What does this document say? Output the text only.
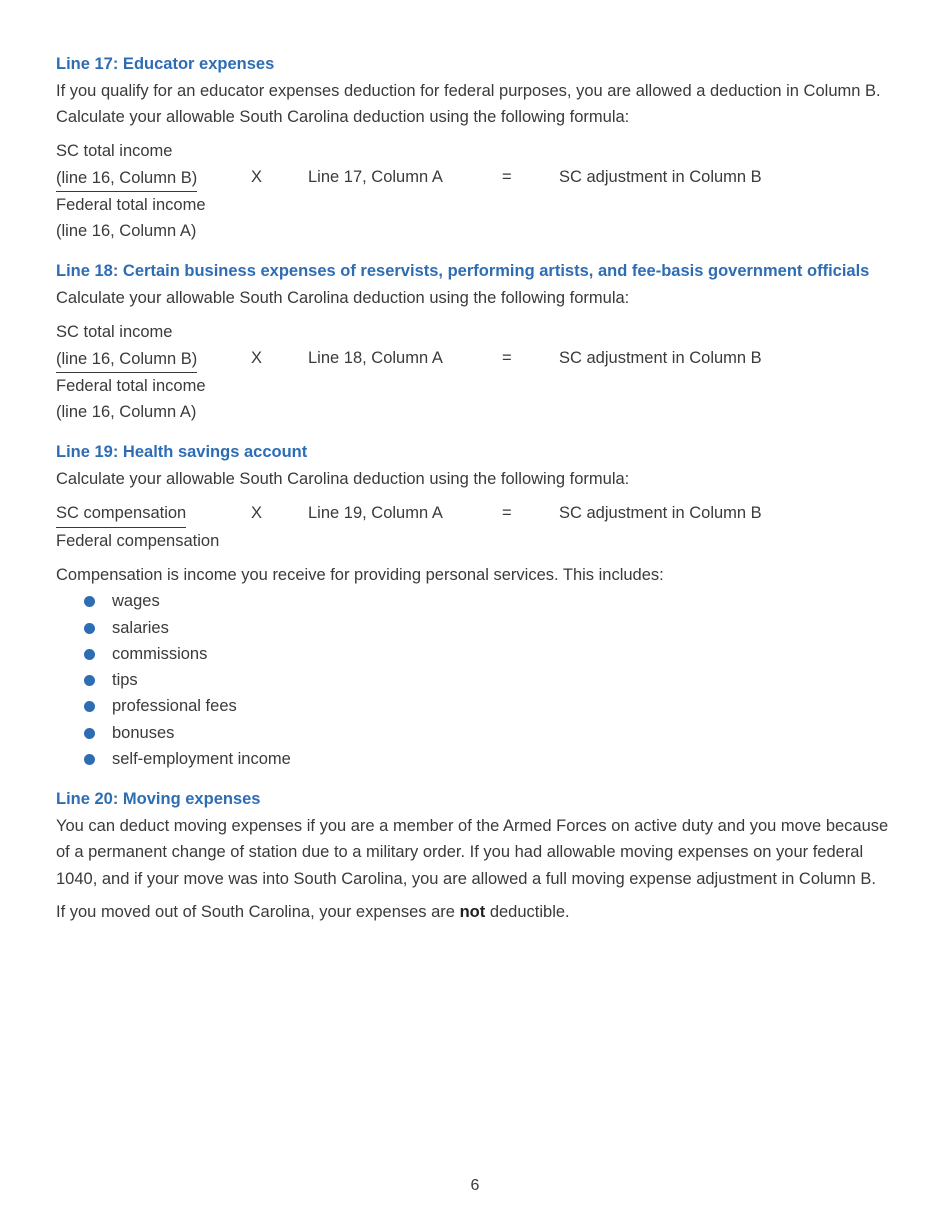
Line 17: Educator expenses

If you qualify for an educator expenses deduction for federal purposes, you are allowed a deduction in Column B. Calculate your allowable South Carolina deduction using the following formula:

SC total income
(line 16, Column B)	X	Line 17, Column A	=	SC adjustment in Column B
Federal total income
(line 16, Column A)
Line 18: Certain business expenses of reservists, performing artists, and fee-basis government officials

Calculate your allowable South Carolina deduction using the following formula:

SC total income
(line 16, Column B)	X	Line 18, Column A	=	SC adjustment in Column B
Federal total income
(line 16, Column A)
Line 19: Health savings account

Calculate your allowable South Carolina deduction using the following formula:

SC compensation	X	Line 19, Column A	=	SC adjustment in Column B
Federal compensation

Compensation is income you receive for providing personal services. This includes:

wages
salaries
commissions
tips
professional fees
bonuses
self-employment income
Line 20: Moving expenses

You can deduct moving expenses if you are a member of the Armed Forces on active duty and you move because of a permanent change of station due to a military order. If you had allowable moving expenses on your federal 1040, and if your move was into South Carolina, you are allowed a full moving expense adjustment in Column B.

If you moved out of South Carolina, your expenses are not deductible.

6
